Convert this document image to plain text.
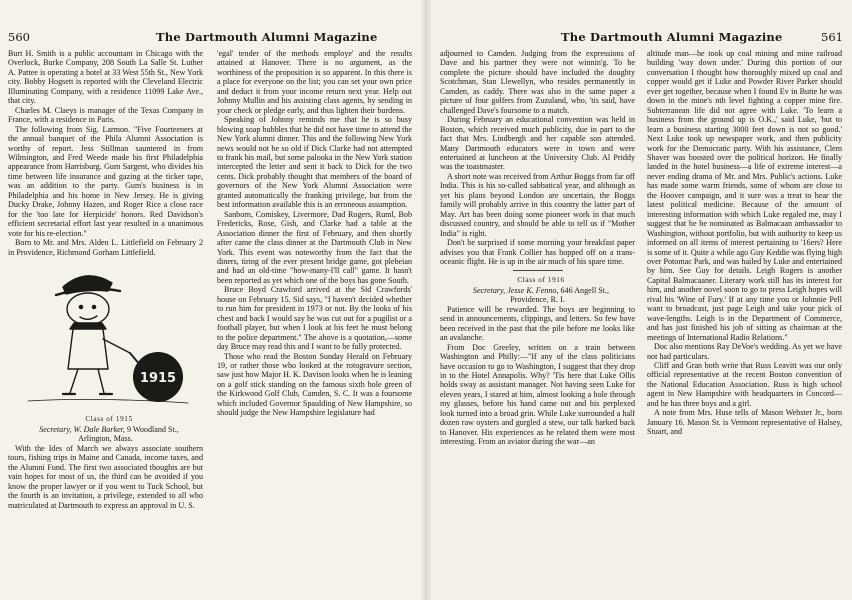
560	The Dartmouth Alumni Magazine

Burt H. Smith is a public accountant in Chicago with the Overlock, Burke Company, 208 South La Salle St. Luther A. Pattee is operating a hotel at 33 West 55th St., New York city. Bobby Hogsett is reported with the Cleveland Electric Illuminating Company, with a residence 11099 Lake Ave., that city.

Charles M. Claeys is manager of the Texas Company in France, with a residence in Paris.

The following from Sig. Larmon. "Five Fourteeners at the annual banquet of the Phila Alumni Association is worthy of report. Jess Stillman sauntered in from Wilmington, and Fred Weede made his first Philadelphia appearance from Harrisburg. Gum Sargent, who divides his time between life insurance and gazing at the ticker tape, was an addition to the party. Gum's business is in Philadelphia and his home in New Jersey. He is giving Ducky Drake, Johnny Hazen, and Roger Rice a close race for the 'too late for Herpicide' honors. Red Davidson's efficient secretarial effort last year resulted in a unanimous vote for his re-election."

Born to Mr. and Mrs. Alden L. Littlefield on February 2 in Providence, Richmond Gorham Littlefield.

1915

Class of 1915

Secretary, W. Dale Barker, 9 Woodland St.,

Arlington, Mass.

With the Ides of March we always associate southern tours, fishing trips in Maine and Canada, income taxes, and the Alumni Fund. The first two associated thoughts are but vain hopes for most of us, the third can be avoided if you know the proper lawyer or if you went to Tuck School, but the fourth is an invitation, a privilege, extended to all who matriculated at Dartmouth to express an approval in U. S.

'egal' tender of the methods employe' and the results attained at Hanover. There is no argument, as the worthiness of the proposition is so apparent. In this there is a place for everyone on the list; you can set your own price and deduct it from your income return next year. Help out Johnny Mullin and his assisting class agents, by sending in your check or pledge early, and thus lighten their burdens.

Speaking of Johnny reminds me that he is so busy blowing soap bubbles that he did not have time to attend the New York alumni dinner. This and the following New York news would not be so old if Dick Clarke had not attempted to frank his mail, but some palooka in the New York station intercepted the letter and sent it back to Dick for the two cents. Dick probably thought that members of the board of governors of the New York Alumni Association were granted automatically the franking privilege, but from the best information available this is an erroneous assumption.

Sanborn, Comiskey, Livermore, Dad Rogers, Ruml, Bob Fredericks, Rose, Gish, and Clarke had a table at the Association dinner the first of February, and then shortly after came the class dinner at the Dartmouth Club in New York. This event was noteworthy from the fact that the diners, tiring of the ever present bridge game, got plebeian and had an old-time "how-many-I'll call" game. It hasn't been reported as yet which one of the boys has gone South.

Bruce Boyd Crawford arrived at the Sid Crawfords' house on February 15. Sid says, "I haven't decided whether to run him for president in 1973 or not. By the looks of his chest and back I would say he was cut out for a pugilist or a football player, but when I look at his feet he must belong to the police department." The above is a quotation,—some day Bruce may read this and I want to be fully protected.

Those who read the Boston Sunday Herald on February 19, or rather those who looked at the rotogravure section, saw just how Major H. K. Davison looks when he is leaning on a golf stick standing on the famous sixth hole green of the Kirkwood Golf Club, Camden, S. C. It was a foursome which included Governor Spaulding of New Hampshire, so should judge the New Hampshire legislature had

The Dartmouth Alumni Magazine	561

adjourned to Camden. Judging from the expressions of Dave and his partner they were not winnin'g. To be complete the picture should have included the doughty Scotchman, Stan Llewellyn, who resides permanently in Camden, as caddy. There was also in the same paper a picture of four golfers from Zuzuland, who, 'tis said, have challenged Dave's foursome to a match.

During February an educational convention was held in Boston, which received much publicity, due in part to the fact that Mrs. Lindbergh and her capable son attended. Many Dartmouth educators were in town and were entertained at luncheon at the University Club. Al Priddy was the toastmaster.

A short note was received from Arthur Boggs from far off India. This is his so-called sabbatical year, and although as yet his plans beyond London are uncertain, the Boggs family will probably arrive in this country the latter part of May. Art has been doing some pioneer work in that much discussed country, and should be able to tell us if "Mother India" is right.

Don't be surprised if some morning your breakfast paper advises you that Frank Collier has hopped off on a trans-oceanic flight. He is up in the air much of his spare time.

Class of 1916

Secretary, Jesse K. Fenno, 646 Angell St.,

Providence, R. I.

Patience will be rewarded. The boys are beginning to send in announcements, clippings, and letters. So few have been received in the past that the pile before me looks like an avalanche.

From Doc Greeley, written on a train between Washington and Philly:—"If any of the class politicians have occasion to go to Washington, I suggest that they drop in to the Hotel Annapolis. Why? 'Tis here that Luke Ollis holds sway as assistant manager. Not having seen Luke for eleven years, I stared at him, almost looking a hole through my glasses, before his hand came out and his perplexed look turned into a broad grin. While Luke surrounded a half dozen raw oysters and gurgled a stew, our talk harked back to Hanover. His experiences as he related them were most interesting. From an aviator during the war—an

altitude man—he took up coal mining and mine railroad building 'way down under.' During this portion of our conversation I thought how thoroughly mixed up coal and copper would get if Luke and Powder River Parker should ever get together, because when I found Ev in Butte he was down in the mine's nth level fighting a copper mine fire. Subterranean life did not agree with Luke. 'To learn a business from the ground up is O.K.,' said Luke, 'but to learn a business starting 3000 feet down is not so good.' Next Luke took up newspaper work, and then publicity work for the Democratic party. With his assistance, Clem Shaver was boosted over the political horizon. He finally landed in the hotel business—a life of extreme interest—a never ending drama of Mr. and Mrs. Public's actions. Luke has made some warm friends, some of whom are close to the Hoover campaign, and it sure was a treat to hear the latest political medicine. Because of the amount of interesting information with which Luke regaled me, may I suggest that he be nominated as Balmacaan ambassador to Washington, without portfolio, but with authority to keep us informed on all items of interest pertaining to '16ers? Here is some of it. Quite a while ago Guy Keddie was flying high over Potomac Park, and was hailed by Luke and entertained by him. See Guy for details. Leigh Rogers is another Capital Balmacaaner. Literary work still has its interest for him, and another novel soon to go to press Leigh hopes will rival his 'Wine of Fury.' If at any time you or Johnnie Pell want to broadcast, just page Leigh and take your pick of wave-lengths. Leigh is in the Department of Commerce, and has just finished his job of sitting as chairman at the meetings of International Radio Relations."

Doc also mentions Ray DeVoe's wedding. As yet we have not had particulars.

Cliff and Gran both write that Russ Leavitt was our only official representative at the recent Boston convention of the National Education Association. Russ is high school agent in New Hampshire with headquarters in Concord—and he has three boys and a girl.

A note from Mrs. Huse tells of Mason Webster Jr., born January 16. Mason Sr. is Vermont representative of Halsey, Stuart, and
